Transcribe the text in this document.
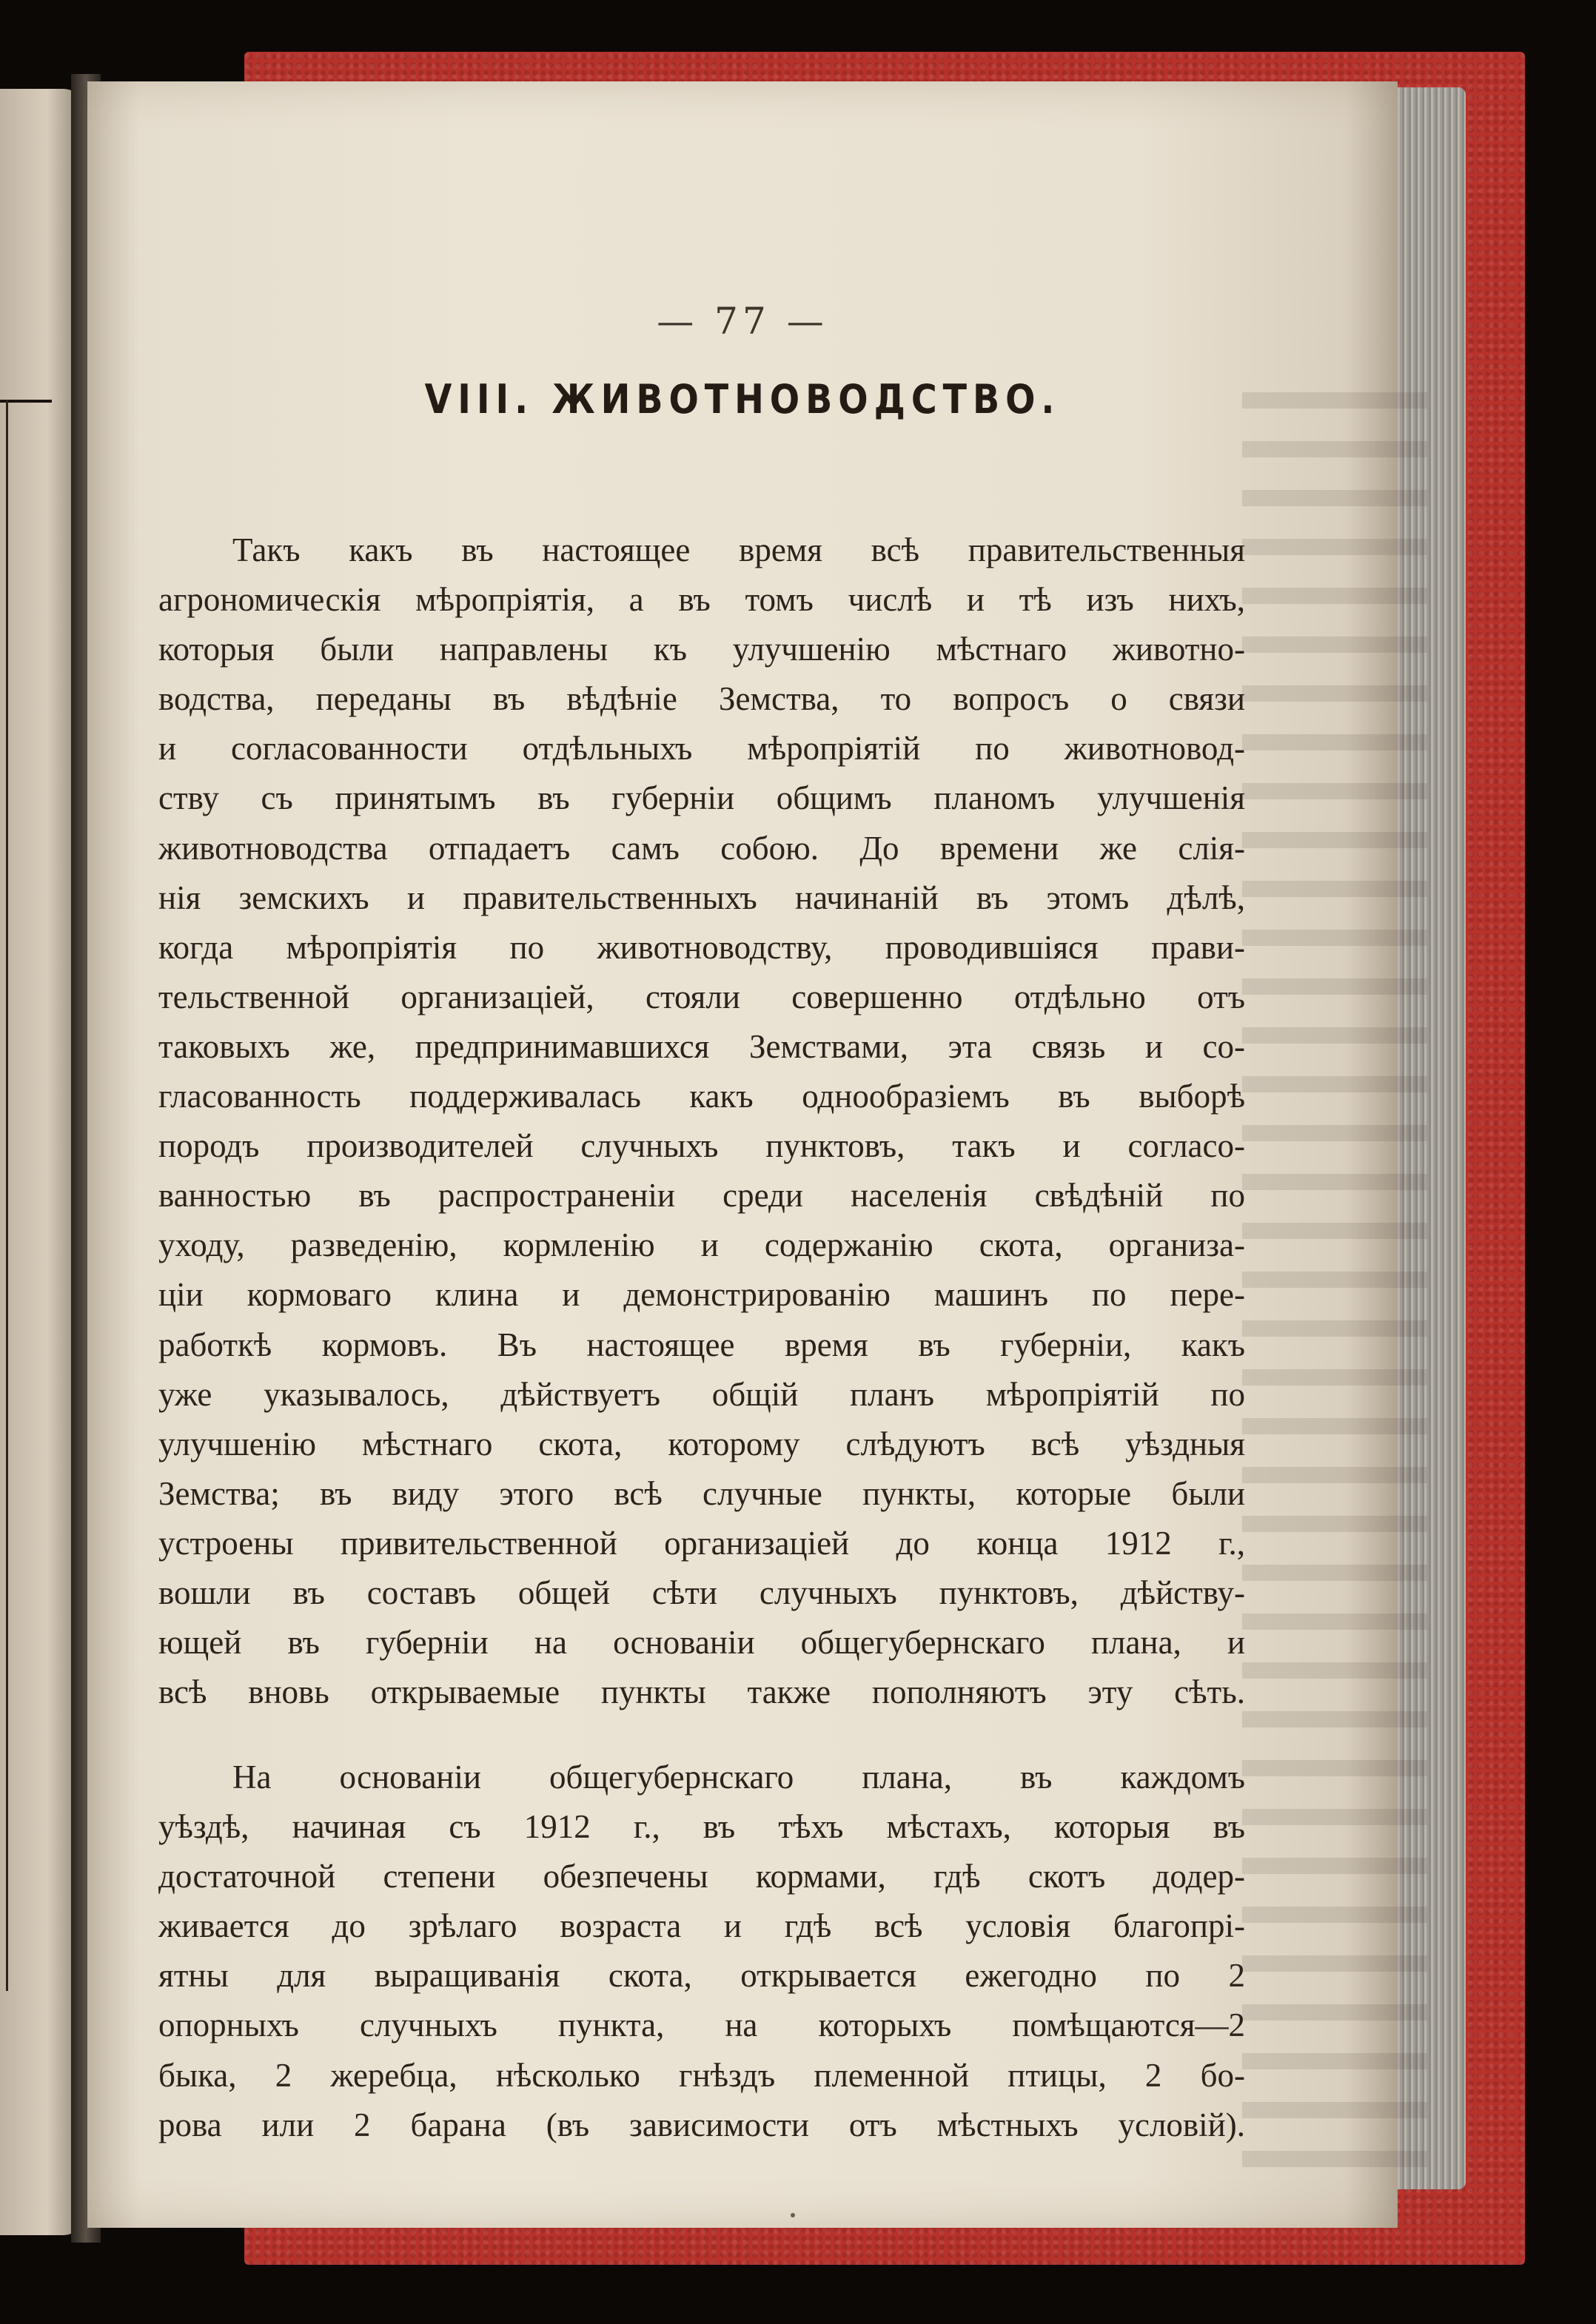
— 77 —
VIII. ЖИВОТНОВОДСТВО.
Такъ какъ въ настоящее время всѣ правительственныя
агрономическія мѣропріятія, а въ томъ числѣ и тѣ изъ нихъ,
которыя были направлены къ улучшенію мѣстнаго животно-
водства, переданы въ вѣдѣніе Земства, то вопросъ о связи
и согласованности отдѣльныхъ мѣропріятій по животновод-
ству съ принятымъ въ губерніи общимъ планомъ улучшенія
животноводства отпадаетъ самъ собою. До времени же слія-
нія земскихъ и правительственныхъ начинаній въ этомъ дѣлѣ,
когда мѣропріятія по животноводству, проводившіяся прави-
тельственной организаціей, стояли совершенно отдѣльно отъ
таковыхъ же, предпринимавшихся Земствами, эта связь и со-
гласованность поддерживалась какъ однообразіемъ въ выборѣ
породъ производителей случныхъ пунктовъ, такъ и согласо-
ванностью въ распространеніи среди населенія свѣдѣній по
уходу, разведенію, кормленію и содержанію скота, организа-
ціи кормоваго клина и демонстрированію машинъ по пере-
работкѣ кормовъ. Въ настоящее время въ губерніи, какъ
уже указывалось, дѣйствуетъ общій планъ мѣропріятій по
улучшенію мѣстнаго скота, которому слѣдуютъ всѣ уѣздныя
Земства; въ виду этого всѣ случные пункты, которые были
устроены привительственной организаціей до конца 1912 г.,
вошли въ составъ общей сѣти случныхъ пунктовъ, дѣйству-
ющей въ губерніи на основаніи общегубернскаго плана, и
всѣ вновь открываемые пункты также пополняютъ эту сѣть.
На основаніи общегубернскаго плана, въ каждомъ
уѣздѣ, начиная съ 1912 г., въ тѣхъ мѣстахъ, которыя въ
достаточной степени обезпечены кормами, гдѣ скотъ додер-
живается до зрѣлаго возраста и гдѣ всѣ условія благопрі-
ятны для выращиванія скота, открывается ежегодно по 2
опорныхъ случныхъ пункта, на которыхъ помѣщаются—2
быка, 2 жеребца, нѣсколько гнѣздъ племенной птицы, 2 бо-
рова или 2 барана (въ зависимости отъ мѣстныхъ условій).
